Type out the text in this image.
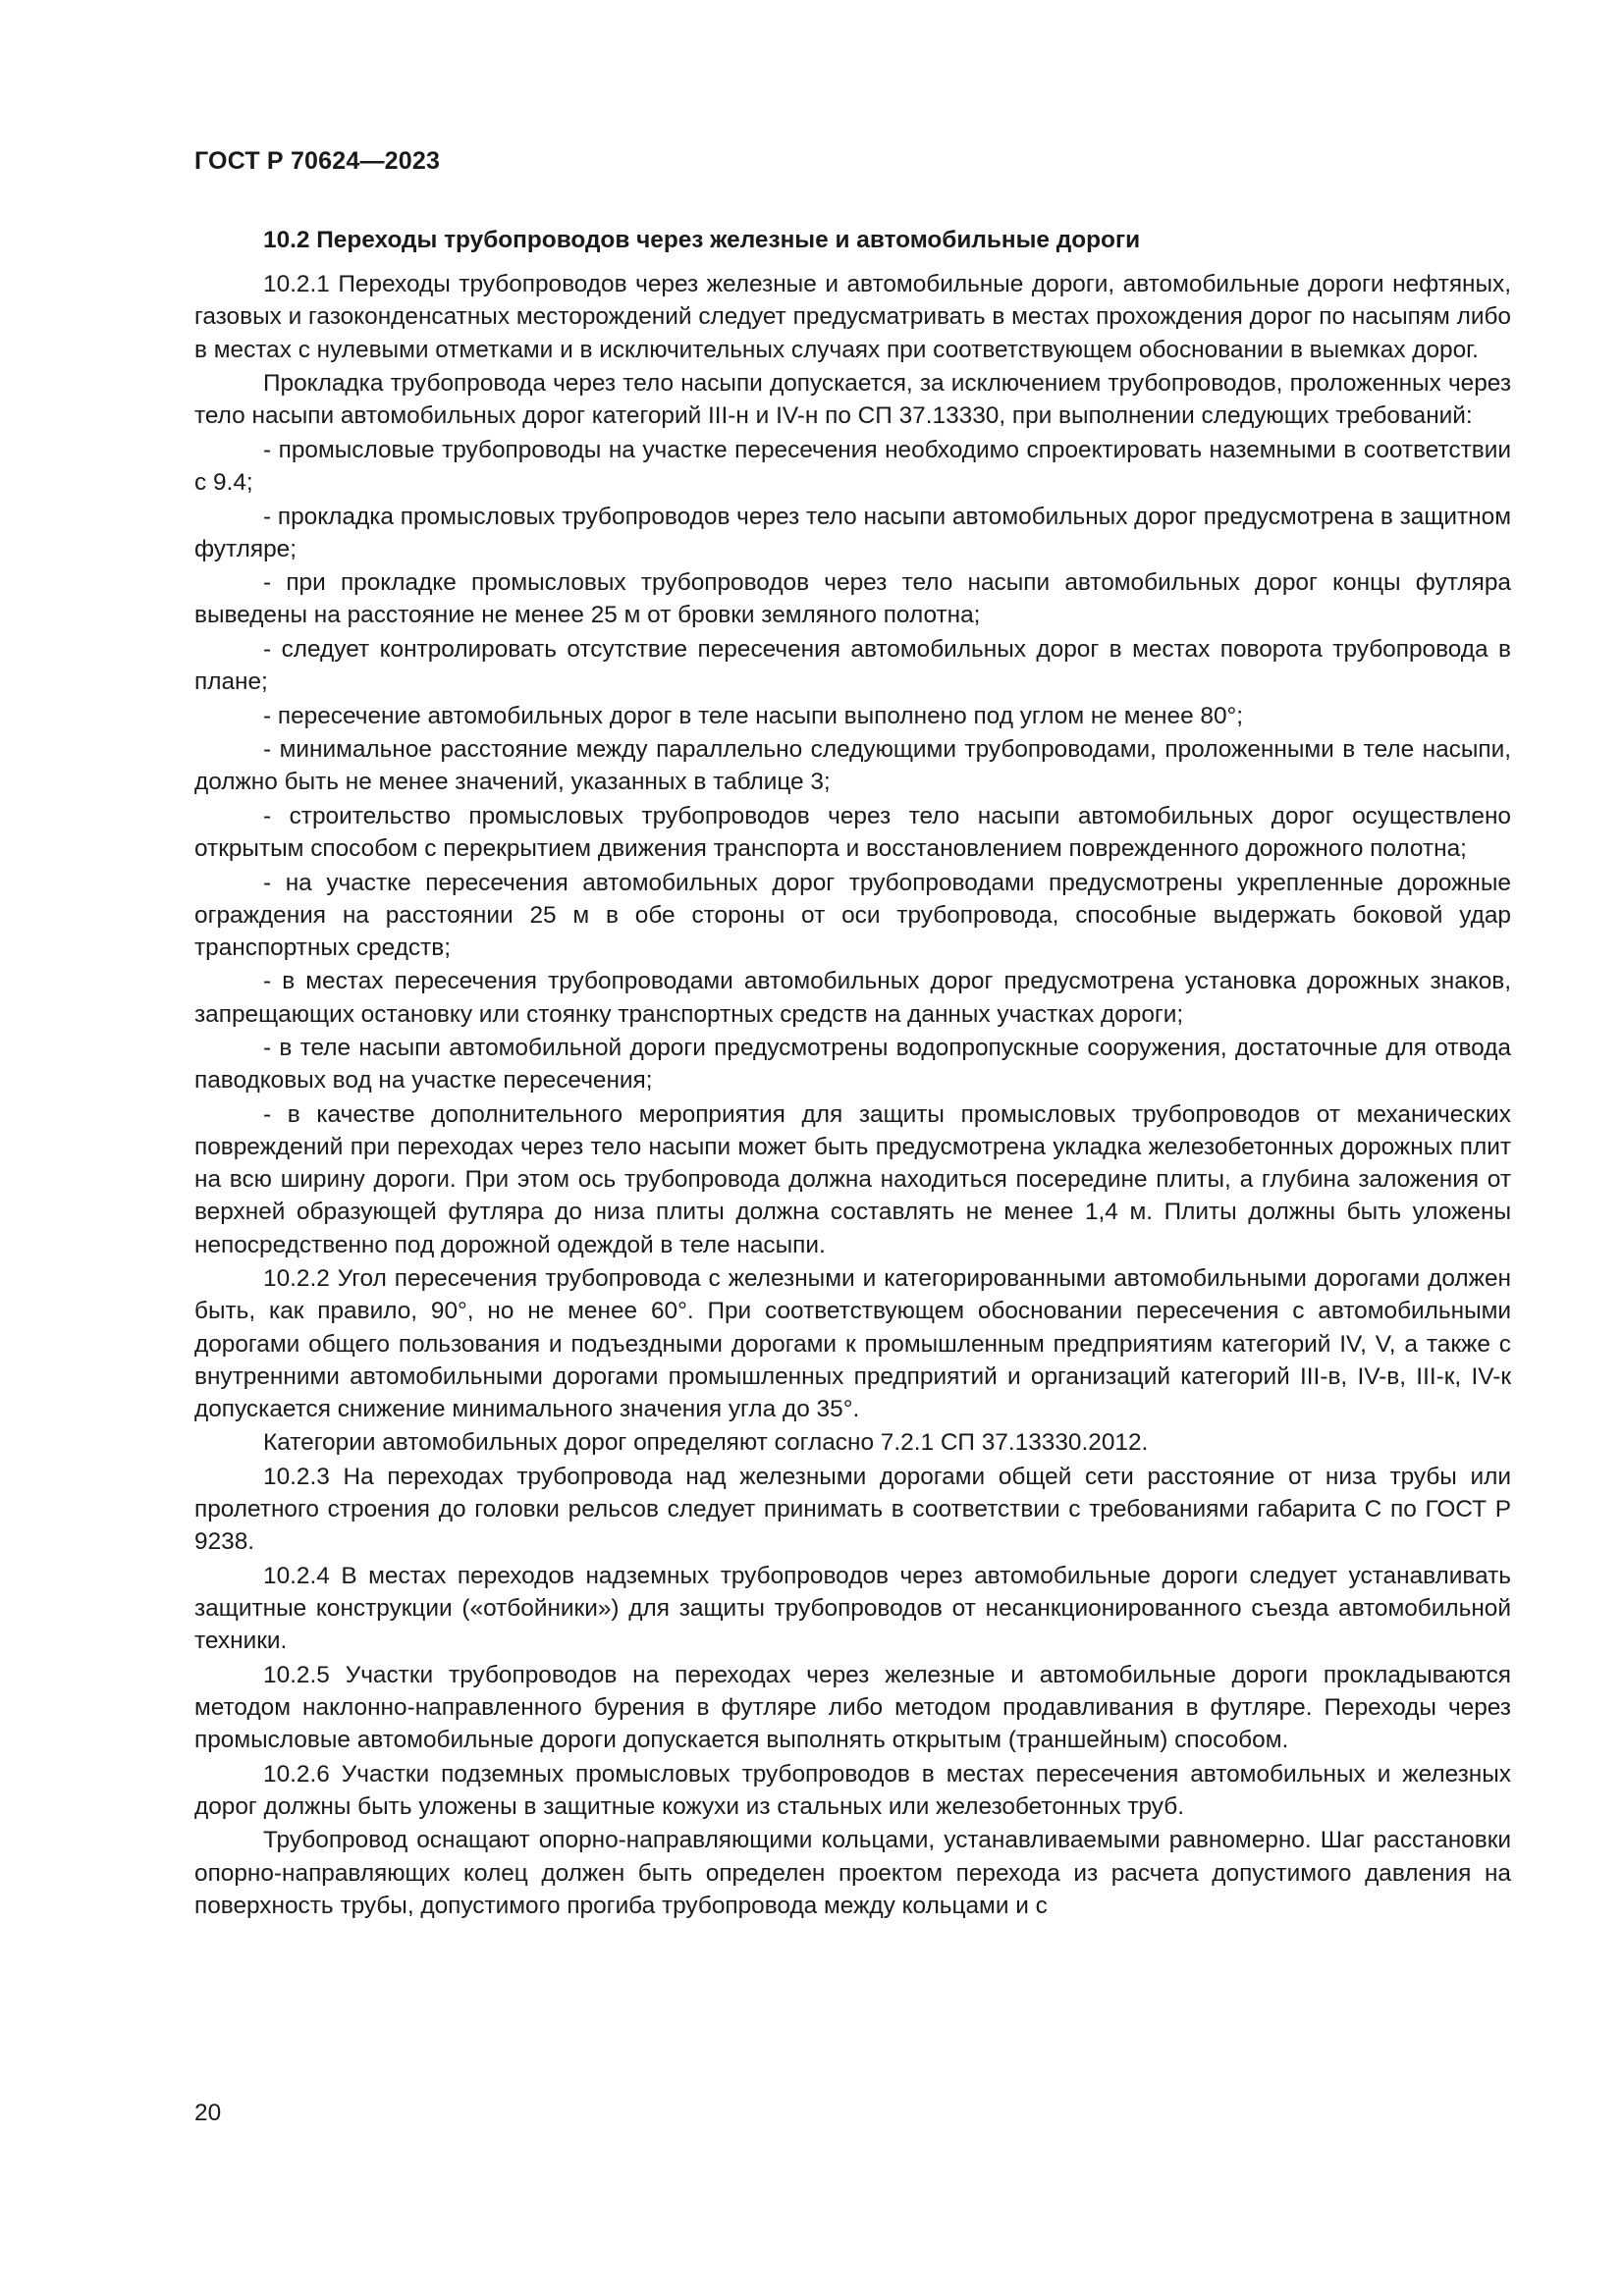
ГОСТ Р 70624—2023
10.2 Переходы трубопроводов через железные и автомобильные дороги

10.2.1 Переходы трубопроводов через железные и автомобильные дороги, автомобильные дороги нефтяных, газовых и газоконденсатных месторождений следует предусматривать в местах прохождения дорог по насыпям либо в местах с нулевыми отметками и в исключительных случаях при соответствующем обосновании в выемках дорог.

Прокладка трубопровода через тело насыпи допускается, за исключением трубопроводов, проложенных через тело насыпи автомобильных дорог категорий III-н и IV-н по СП 37.13330, при выполнении следующих требований:

- промысловые трубопроводы на участке пересечения необходимо спроектировать наземными в соответствии с 9.4;

- прокладка промысловых трубопроводов через тело насыпи автомобильных дорог предусмотрена в защитном футляре;

- при прокладке промысловых трубопроводов через тело насыпи автомобильных дорог концы футляра выведены на расстояние не менее 25 м от бровки земляного полотна;

- следует контролировать отсутствие пересечения автомобильных дорог в местах поворота трубопровода в плане;

- пересечение автомобильных дорог в теле насыпи выполнено под углом не менее 80°;

- минимальное расстояние между параллельно следующими трубопроводами, проложенными в теле насыпи, должно быть не менее значений, указанных в таблице 3;

- строительство промысловых трубопроводов через тело насыпи автомобильных дорог осуществлено открытым способом с перекрытием движения транспорта и восстановлением поврежденного дорожного полотна;

- на участке пересечения автомобильных дорог трубопроводами предусмотрены укрепленные дорожные ограждения на расстоянии 25 м в обе стороны от оси трубопровода, способные выдержать боковой удар транспортных средств;

- в местах пересечения трубопроводами автомобильных дорог предусмотрена установка дорожных знаков, запрещающих остановку или стоянку транспортных средств на данных участках дороги;

- в теле насыпи автомобильной дороги предусмотрены водопропускные сооружения, достаточные для отвода паводковых вод на участке пересечения;

- в качестве дополнительного мероприятия для защиты промысловых трубопроводов от механических повреждений при переходах через тело насыпи может быть предусмотрена укладка железобетонных дорожных плит на всю ширину дороги. При этом ось трубопровода должна находиться посередине плиты, а глубина заложения от верхней образующей футляра до низа плиты должна составлять не менее 1,4 м. Плиты должны быть уложены непосредственно под дорожной одеждой в теле насыпи.

10.2.2 Угол пересечения трубопровода с железными и категорированными автомобильными дорогами должен быть, как правило, 90°, но не менее 60°. При соответствующем обосновании пересечения с автомобильными дорогами общего пользования и подъездными дорогами к промышленным предприятиям категорий IV, V, а также с внутренними автомобильными дорогами промышленных предприятий и организаций категорий III-в, IV-в, III-к, IV-к допускается снижение минимального значения угла до 35°.

Категории автомобильных дорог определяют согласно 7.2.1 СП 37.13330.2012.

10.2.3 На переходах трубопровода над железными дорогами общей сети расстояние от низа трубы или пролетного строения до головки рельсов следует принимать в соответствии с требованиями габарита С по ГОСТ Р 9238.

10.2.4 В местах переходов надземных трубопроводов через автомобильные дороги следует устанавливать защитные конструкции («отбойники») для защиты трубопроводов от несанкционированного съезда автомобильной техники.

10.2.5 Участки трубопроводов на переходах через железные и автомобильные дороги прокладываются методом наклонно-направленного бурения в футляре либо методом продавливания в футляре. Переходы через промысловые автомобильные дороги допускается выполнять открытым (траншейным) способом.

10.2.6 Участки подземных промысловых трубопроводов в местах пересечения автомобильных и железных дорог должны быть уложены в защитные кожухи из стальных или железобетонных труб.

Трубопровод оснащают опорно-направляющими кольцами, устанавливаемыми равномерно. Шаг расстановки опорно-направляющих колец должен быть определен проектом перехода из расчета допустимого давления на поверхность трубы, допустимого прогиба трубопровода между кольцами и с

20
